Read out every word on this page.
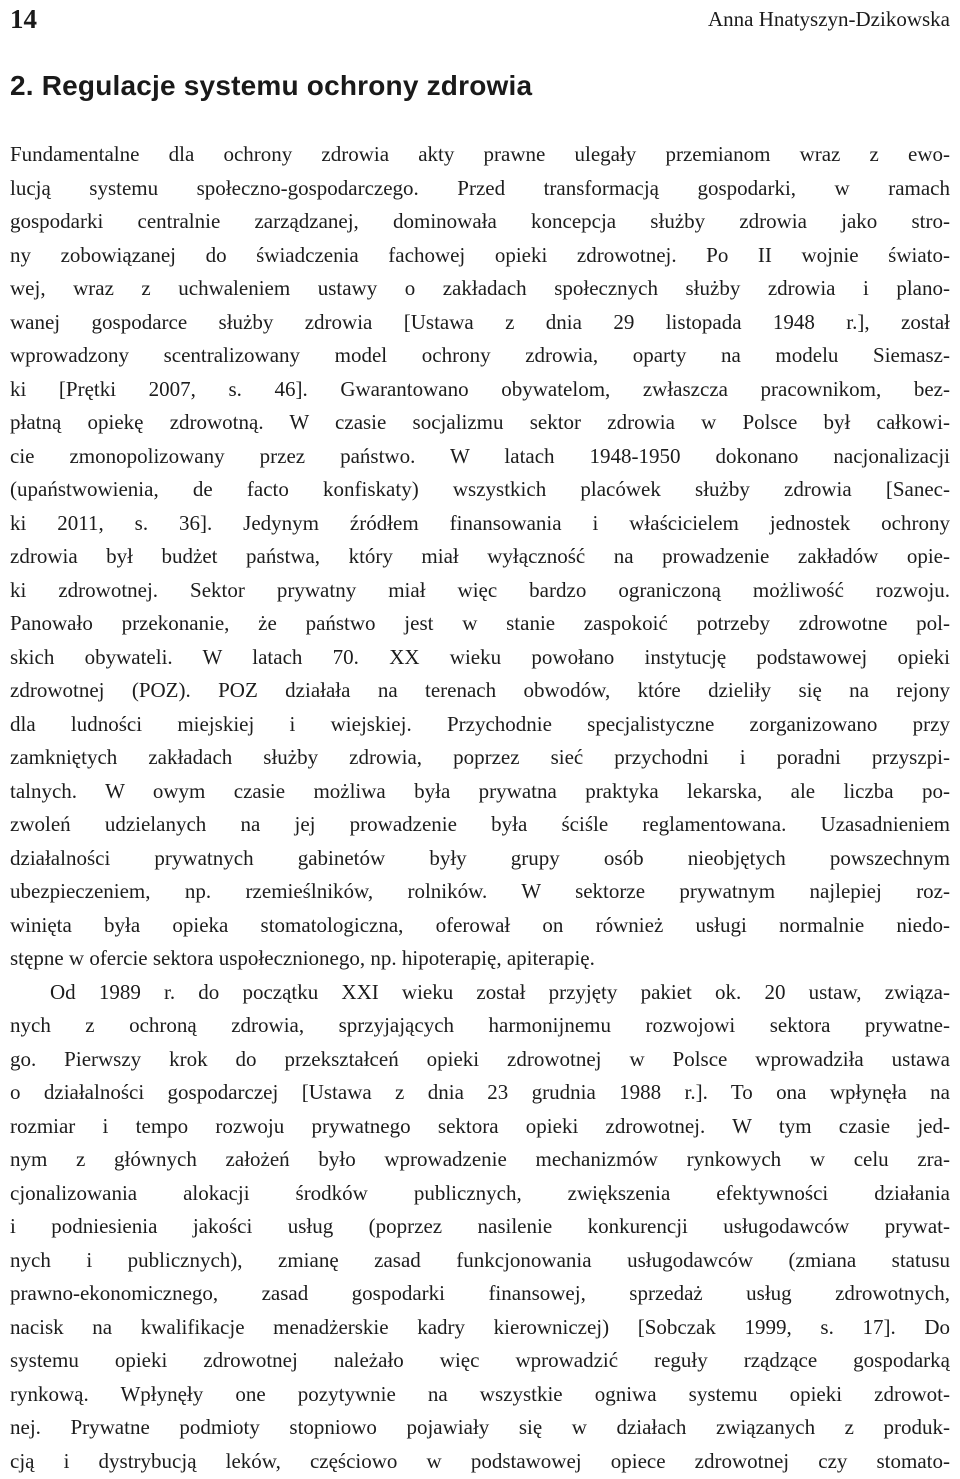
14	Anna Hnatyszyn-Dzikowska
2. Regulacje systemu ochrony zdrowia
Fundamentalne dla ochrony zdrowia akty prawne ulegały przemianom wraz z ewo-
lucją systemu społeczno-gospodarczego. Przed transformacją gospodarki, w ramach
gospodarki centralnie zarządzanej, dominowała koncepcja służby zdrowia jako stro-
ny zobowiązanej do świadczenia fachowej opieki zdrowotnej. Po II wojnie świato-
wej, wraz z uchwaleniem ustawy o zakładach społecznych służby zdrowia i plano-
wanej gospodarce służby zdrowia [Ustawa z dnia 29 listopada 1948 r.], został
wprowadzony scentralizowany model ochrony zdrowia, oparty na modelu Siemasz-
ki [Prętki 2007, s. 46]. Gwarantowano obywatelom, zwłaszcza pracownikom, bez-
płatną opiekę zdrowotną. W czasie socjalizmu sektor zdrowia w Polsce był całkowi-
cie zmonopolizowany przez państwo. W latach 1948-1950 dokonano nacjonalizacji
(upaństwowienia, de facto konfiskaty) wszystkich placówek służby zdrowia [Sanec-
ki 2011, s. 36]. Jedynym źródłem finansowania i właścicielem jednostek ochrony
zdrowia był budżet państwa, który miał wyłączność na prowadzenie zakładów opie-
ki zdrowotnej. Sektor prywatny miał więc bardzo ograniczoną możliwość rozwoju.
Panowało przekonanie, że państwo jest w stanie zaspokoić potrzeby zdrowotne pol-
skich obywateli. W latach 70. XX wieku powołano instytucję podstawowej opieki
zdrowotnej (POZ). POZ działała na terenach obwodów, które dzieliły się na rejony
dla ludności miejskiej i wiejskiej. Przychodnie specjalistyczne zorganizowano przy
zamkniętych zakładach służby zdrowia, poprzez sieć przychodni i poradni przyszpi-
talnych. W owym czasie możliwa była prywatna praktyka lekarska, ale liczba po-
zwoleń udzielanych na jej prowadzenie była ściśle reglamentowana. Uzasadnieniem
działalności prywatnych gabinetów były grupy osób nieobjętych powszechnym
ubezpieczeniem, np. rzemieślników, rolników. W sektorze prywatnym najlepiej roz-
winięta była opieka stomatologiczna, oferował on również usługi normalnie niedo-
stępne w ofercie sektora uspołecznionego, np. hipoterapię, apiterapię.
Od 1989 r. do początku XXI wieku został przyjęty pakiet ok. 20 ustaw, związa-
nych z ochroną zdrowia, sprzyjających harmonijnemu rozwojowi sektora prywatne-
go. Pierwszy krok do przekształceń opieki zdrowotnej w Polsce wprowadziła ustawa
o działalności gospodarczej [Ustawa z dnia 23 grudnia 1988 r.]. To ona wpłynęła na
rozmiar i tempo rozwoju prywatnego sektora opieki zdrowotnej. W tym czasie jed-
nym z głównych założeń było wprowadzenie mechanizmów rynkowych w celu zra-
cjonalizowania alokacji środków publicznych, zwiększenia efektywności działania
i podniesienia jakości usług (poprzez nasilenie konkurencji usługodawców prywat-
nych i publicznych), zmianę zasad funkcjonowania usługodawców (zmiana statusu
prawno-ekonomicznego, zasad gospodarki finansowej, sprzedaż usług zdrowotnych,
nacisk na kwalifikacje menadżerskie kadry kierowniczej) [Sobczak 1999, s. 17]. Do
systemu opieki zdrowotnej należało więc wprowadzić reguły rządzące gospodarką
rynkową. Wpłynęły one pozytywnie na wszystkie ogniwa systemu opieki zdrowot-
nej. Prywatne podmioty stopniowo pojawiały się w działach związanych z produk-
cją i dystrybucją leków, częściowo w podstawowej opiece zdrowotnej czy stomato-
